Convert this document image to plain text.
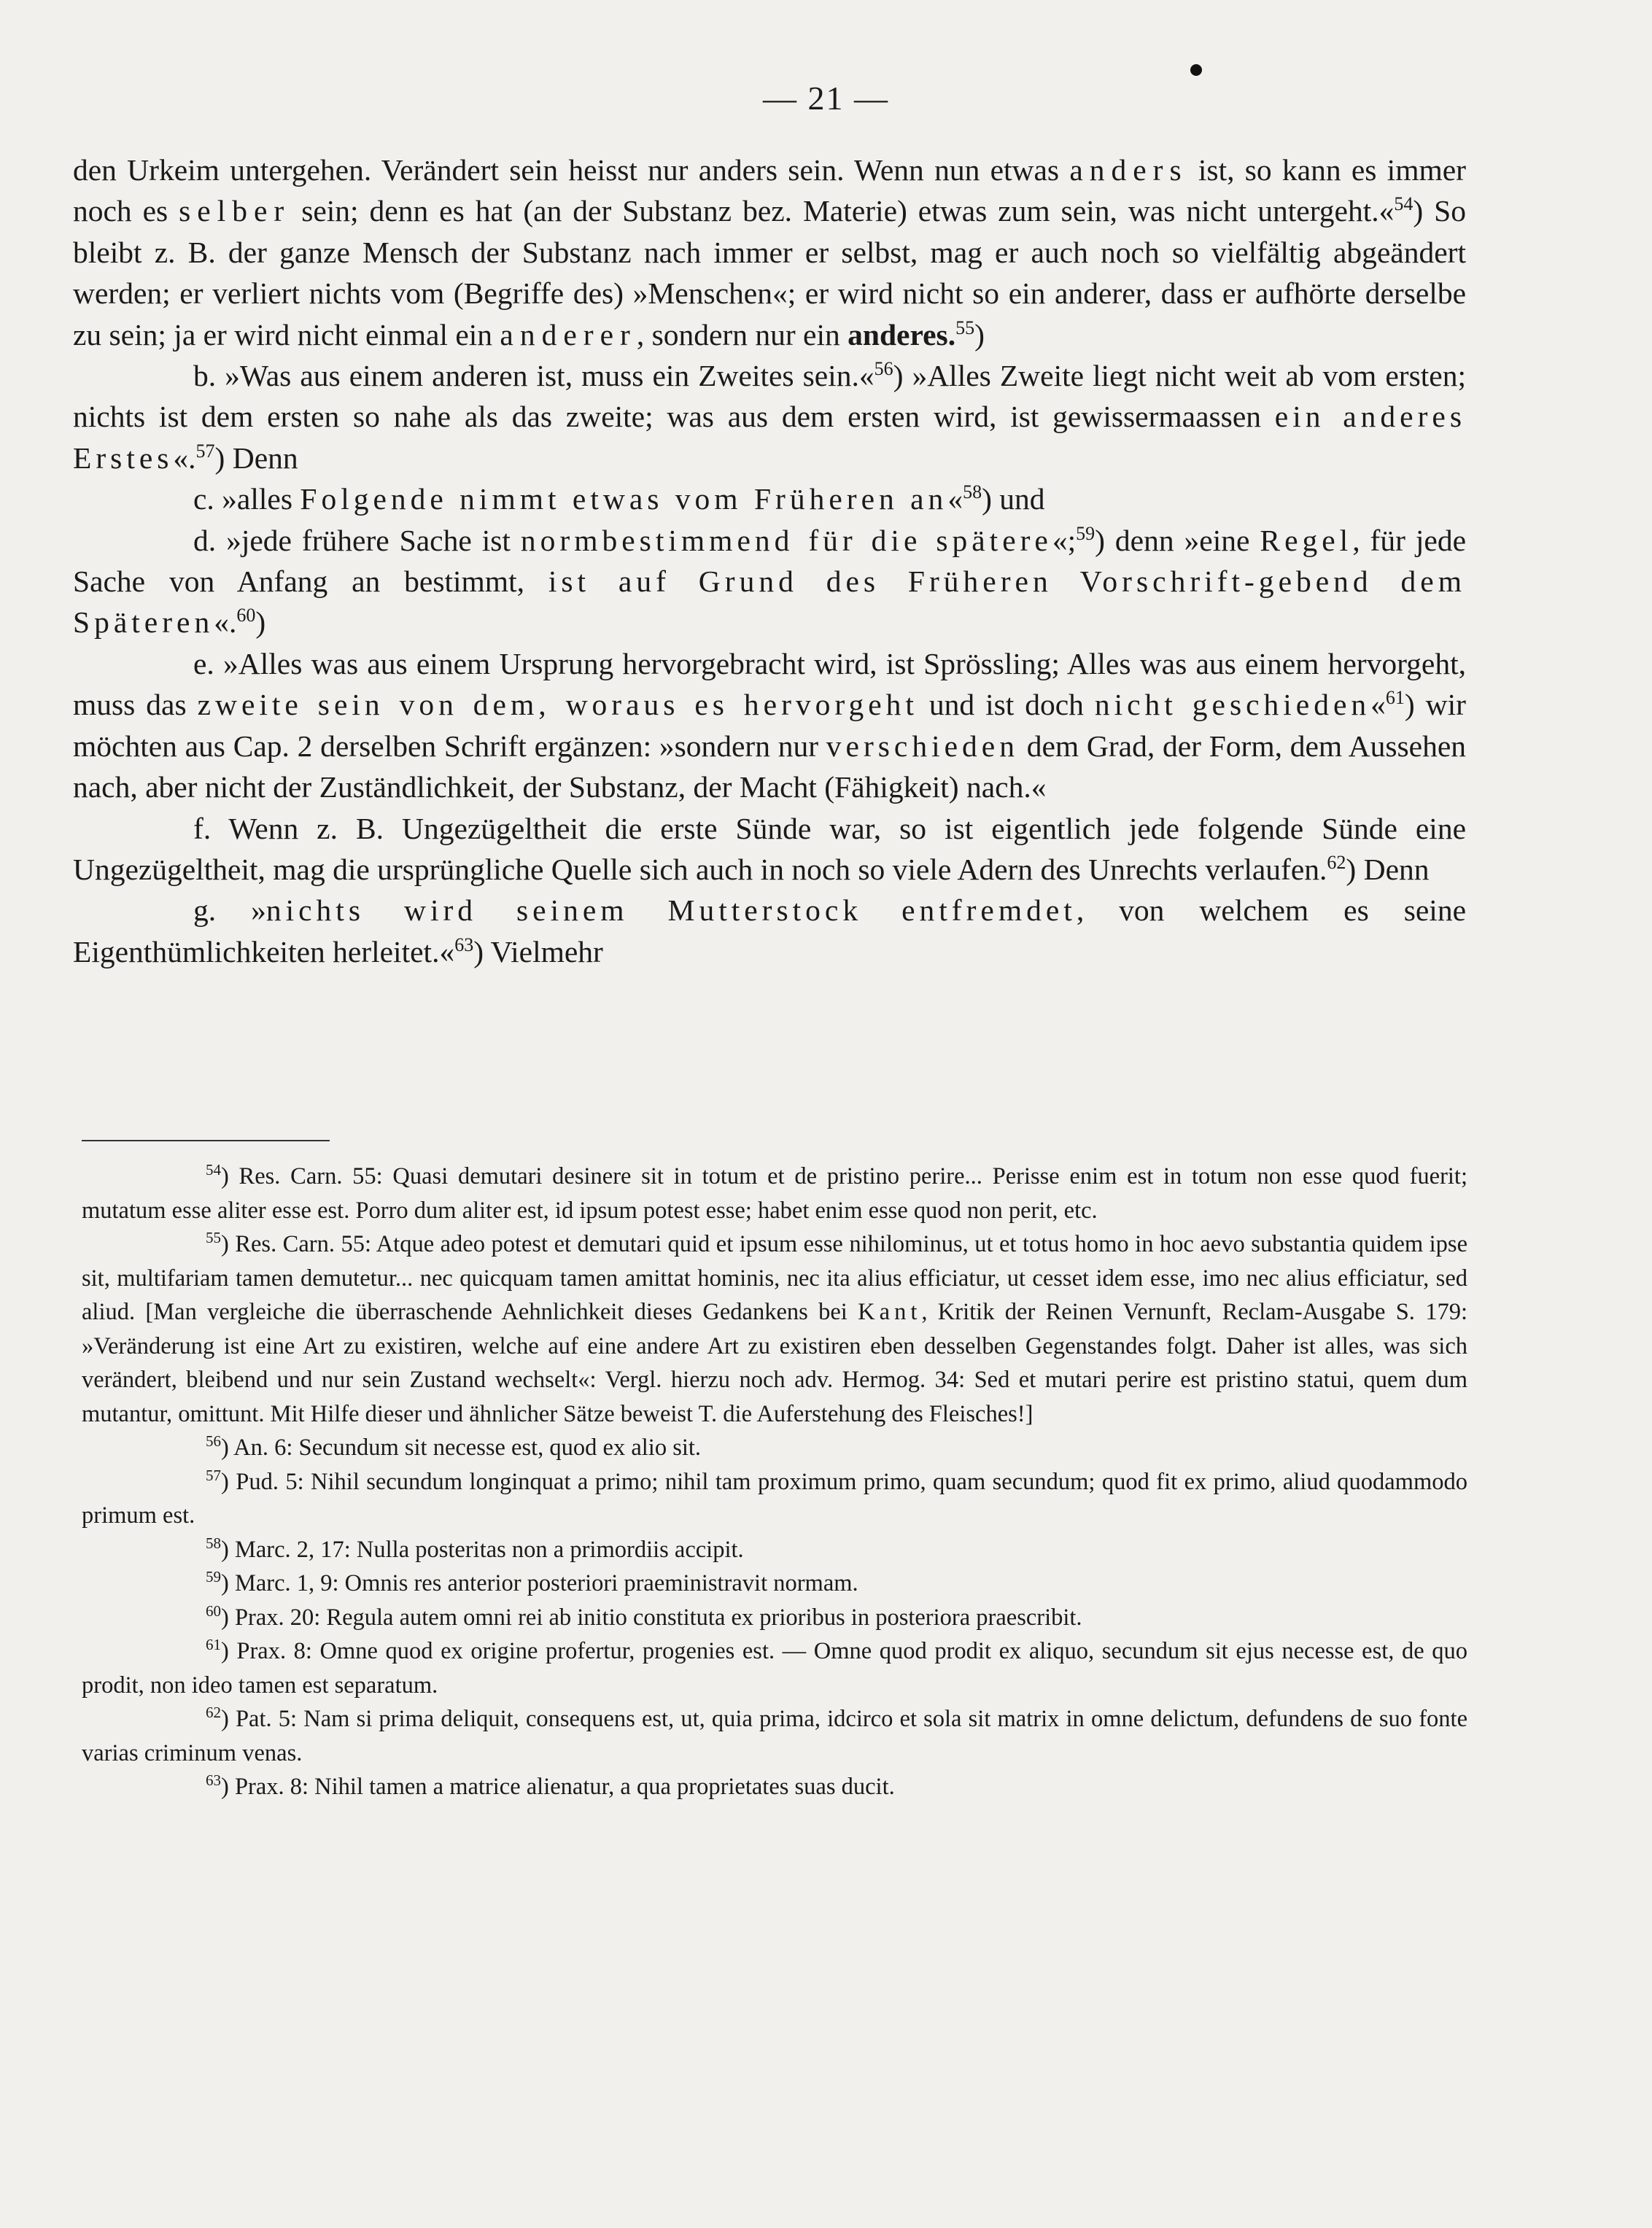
— 21 —

den Urkeim untergehen. Verändert sein heisst nur anders sein. Wenn nun etwas anders ist, so kann es immer noch es selber sein; denn es hat (an der Substanz bez. Materie) etwas zum sein, was nicht untergeht.«$^{54}$) So bleibt z. B. der ganze Mensch der Substanz nach immer er selbst, mag er auch noch so vielfältig abgeändert werden; er verliert nichts vom (Begriffe des) »Menschen«; er wird nicht so ein anderer, dass er aufhörte derselbe zu sein; ja er wird nicht einmal ein anderer, sondern nur ein anderes.$^{55}$)

b. »Was aus einem anderen ist, muss ein Zweites sein.«$^{56}$) »Alles Zweite liegt nicht weit ab vom ersten; nichts ist dem ersten so nahe als das zweite; was aus dem ersten wird, ist gewissermaassen ein anderes Erstes«.$^{57}$) Denn

c. »alles Folgende nimmt etwas vom Früheren an«$^{58}$) und

d. »jede frühere Sache ist normbestimmend für die spätere«;$^{59}$) denn »eine Regel, für jede Sache von Anfang an bestimmt, ist auf Grund des Früheren Vorschrift-gebend dem Späteren«.$^{60}$)

e. »Alles was aus einem Ursprung hervorgebracht wird, ist Sprössling; Alles was aus einem hervorgeht, muss das zweite sein von dem, woraus es hervorgeht und ist doch nicht geschieden«$^{61}$) wir möchten aus Cap. 2 derselben Schrift ergänzen: »sondern nur verschieden dem Grad, der Form, dem Aussehen nach, aber nicht der Zuständlichkeit, der Substanz, der Macht (Fähigkeit) nach.«

f. Wenn z. B. Ungezügeltheit die erste Sünde war, so ist eigentlich jede folgende Sünde eine Ungezügeltheit, mag die ursprüngliche Quelle sich auch in noch so viele Adern des Unrechts verlaufen.$^{62}$) Denn

g. »nichts wird seinem Mutterstock entfremdet, von welchem es seine Eigenthümlichkeiten herleitet.«$^{63}$) Vielmehr

$^{54}$) Res. Carn. 55: Quasi demutari desinere sit in totum et de pristino perire... Perisse enim est in totum non esse quod fuerit; mutatum esse aliter esse est. Porro dum aliter est, id ipsum potest esse; habet enim esse quod non perit, etc.

$^{55}$) Res. Carn. 55: Atque adeo potest et demutari quid et ipsum esse nihilominus, ut et totus homo in hoc aevo substantia quidem ipse sit, multifariam tamen demutetur... nec quicquam tamen amittat hominis, nec ita alius efficiatur, ut cesset idem esse, imo nec alius efficiatur, sed aliud. [Man vergleiche die überraschende Aehnlichkeit dieses Gedankens bei Kant, Kritik der Reinen Vernunft, Reclam-Ausgabe S. 179: »Veränderung ist eine Art zu existiren, welche auf eine andere Art zu existiren eben desselben Gegenstandes folgt. Daher ist alles, was sich verändert, bleibend und nur sein Zustand wechselt«: Vergl. hierzu noch adv. Hermog. 34: Sed et mutari perire est pristino statui, quem dum mutantur, omittunt. Mit Hilfe dieser und ähnlicher Sätze beweist T. die Auferstehung des Fleisches!]

$^{56}$) An. 6: Secundum sit necesse est, quod ex alio sit.

$^{57}$) Pud. 5: Nihil secundum longinquat a primo; nihil tam proximum primo, quam secundum; quod fit ex primo, aliud quodammodo primum est.

$^{58}$) Marc. 2, 17: Nulla posteritas non a primordiis accipit.

$^{59}$) Marc. 1, 9: Omnis res anterior posteriori praeministravit normam.

$^{60}$) Prax. 20: Regula autem omni rei ab initio constituta ex prioribus in posteriora praescribit.

$^{61}$) Prax. 8: Omne quod ex origine profertur, progenies est. — Omne quod prodit ex aliquo, secundum sit ejus necesse est, de quo prodit, non ideo tamen est separatum.

$^{62}$) Pat. 5: Nam si prima deliquit, consequens est, ut, quia prima, idcirco et sola sit matrix in omne delictum, defundens de suo fonte varias criminum venas.

$^{63}$) Prax. 8: Nihil tamen a matrice alienatur, a qua proprietates suas ducit.
